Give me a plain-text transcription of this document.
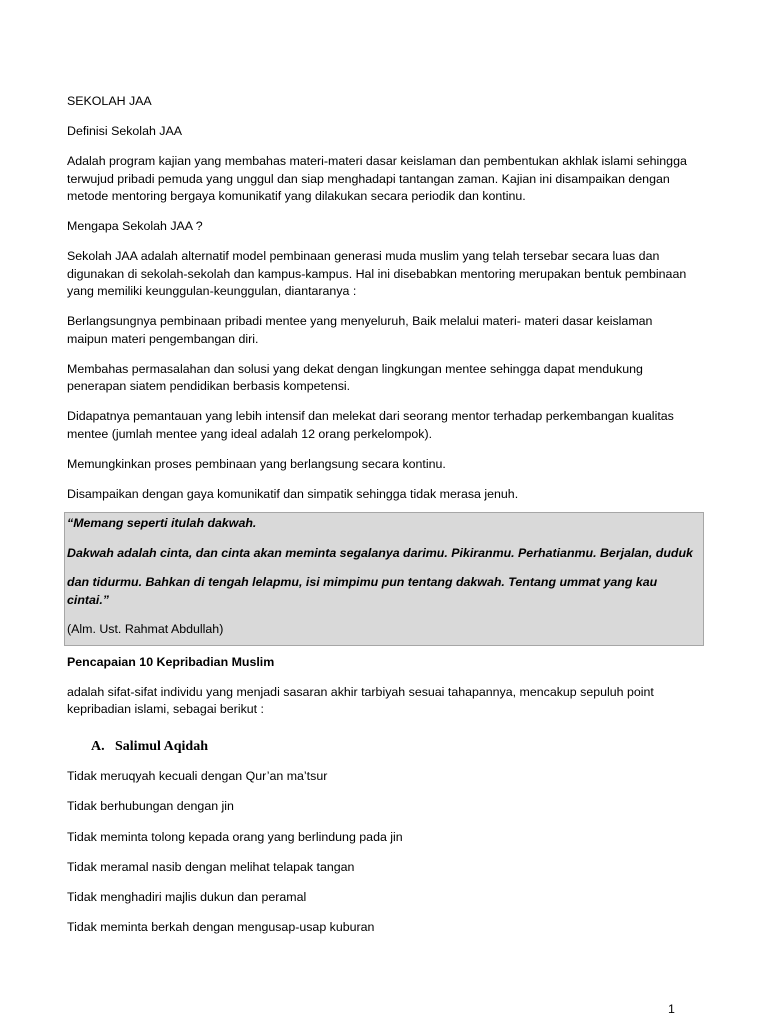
SEKOLAH JAA

Definisi Sekolah JAA

Adalah program kajian yang membahas materi-materi dasar keislaman dan pembentukan akhlak islami sehingga

terwujud pribadi pemuda yang unggul dan siap menghadapi tantangan zaman. Kajian ini disampaikan dengan

metode mentoring bergaya komunikatif yang dilakukan secara periodik dan kontinu.

Mengapa Sekolah JAA ?

Sekolah JAA adalah alternatif model pembinaan generasi muda muslim yang telah tersebar secara luas dan

digunakan di sekolah-sekolah dan kampus-kampus. Hal ini disebabkan mentoring merupakan bentuk pembinaan

yang memiliki keunggulan-keunggulan, diantaranya :

Berlangsungnya pembinaan pribadi mentee yang menyeluruh, Baik melalui materi- materi dasar keislaman

maipun materi pengembangan diri.

Membahas permasalahan dan solusi yang dekat dengan lingkungan mentee sehingga dapat mendukung

penerapan siatem pendidikan berbasis kompetensi.

Didapatnya pemantauan yang lebih intensif dan melekat dari seorang mentor terhadap perkembangan kualitas

mentee (jumlah mentee yang ideal adalah 12 orang perkelompok).

Memungkinkan proses pembinaan yang berlangsung secara kontinu.

Disampaikan dengan gaya komunikatif dan simpatik sehingga tidak merasa jenuh.

“Memang seperti itulah dakwah.

Dakwah adalah cinta, dan cinta akan meminta segalanya darimu. Pikiranmu. Perhatianmu. Berjalan, duduk

dan tidurmu. Bahkan di tengah lelapmu, isi mimpimu pun tentang dakwah. Tentang ummat yang kau cintai.”

(Alm. Ust. Rahmat Abdullah)

Pencapaian 10 Kepribadian Muslim

adalah sifat-sifat individu yang menjadi sasaran akhir tarbiyah sesuai tahapannya, mencakup sepuluh point

kepribadian islami, sebagai berikut :

A. Salimul Aqidah

Tidak meruqyah kecuali dengan Qur’an ma’tsur

Tidak berhubungan dengan jin

Tidak meminta tolong kepada orang yang berlindung pada jin

Tidak meramal nasib dengan melihat telapak tangan

Tidak menghadiri majlis dukun dan peramal

Tidak meminta berkah dengan mengusap-usap kuburan

1
